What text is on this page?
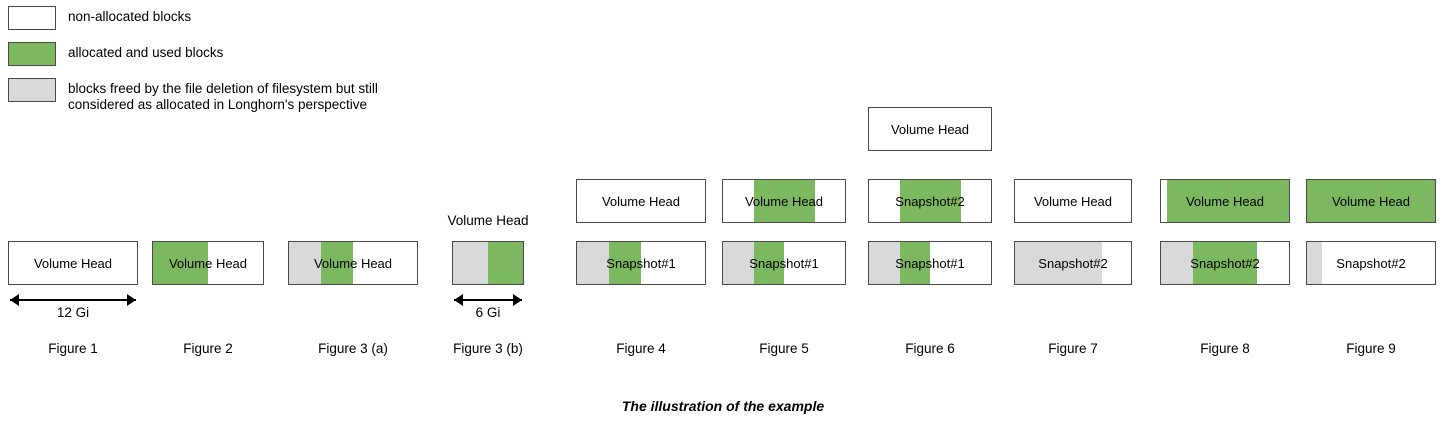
non-allocated blocks
allocated and used blocks
blocks freed by the file deletion of filesystem but still
considered as allocated in Longhorn's perspective
Volume Head
12 Gi
Figure 1
Volume Head
Figure 2
Volume Head
Figure 3 (a)
Volume Head
6 Gi
Figure 3 (b)
Volume Head
Snapshot#1
Figure 4
Volume Head
Snapshot#1
Figure 5
Volume Head
Snapshot#2
Snapshot#1
Figure 6
Volume Head
Snapshot#2
Figure 7
Volume Head
Snapshot#2
Figure 8
Volume Head
Snapshot#2
Figure 9
The illustration of the example
